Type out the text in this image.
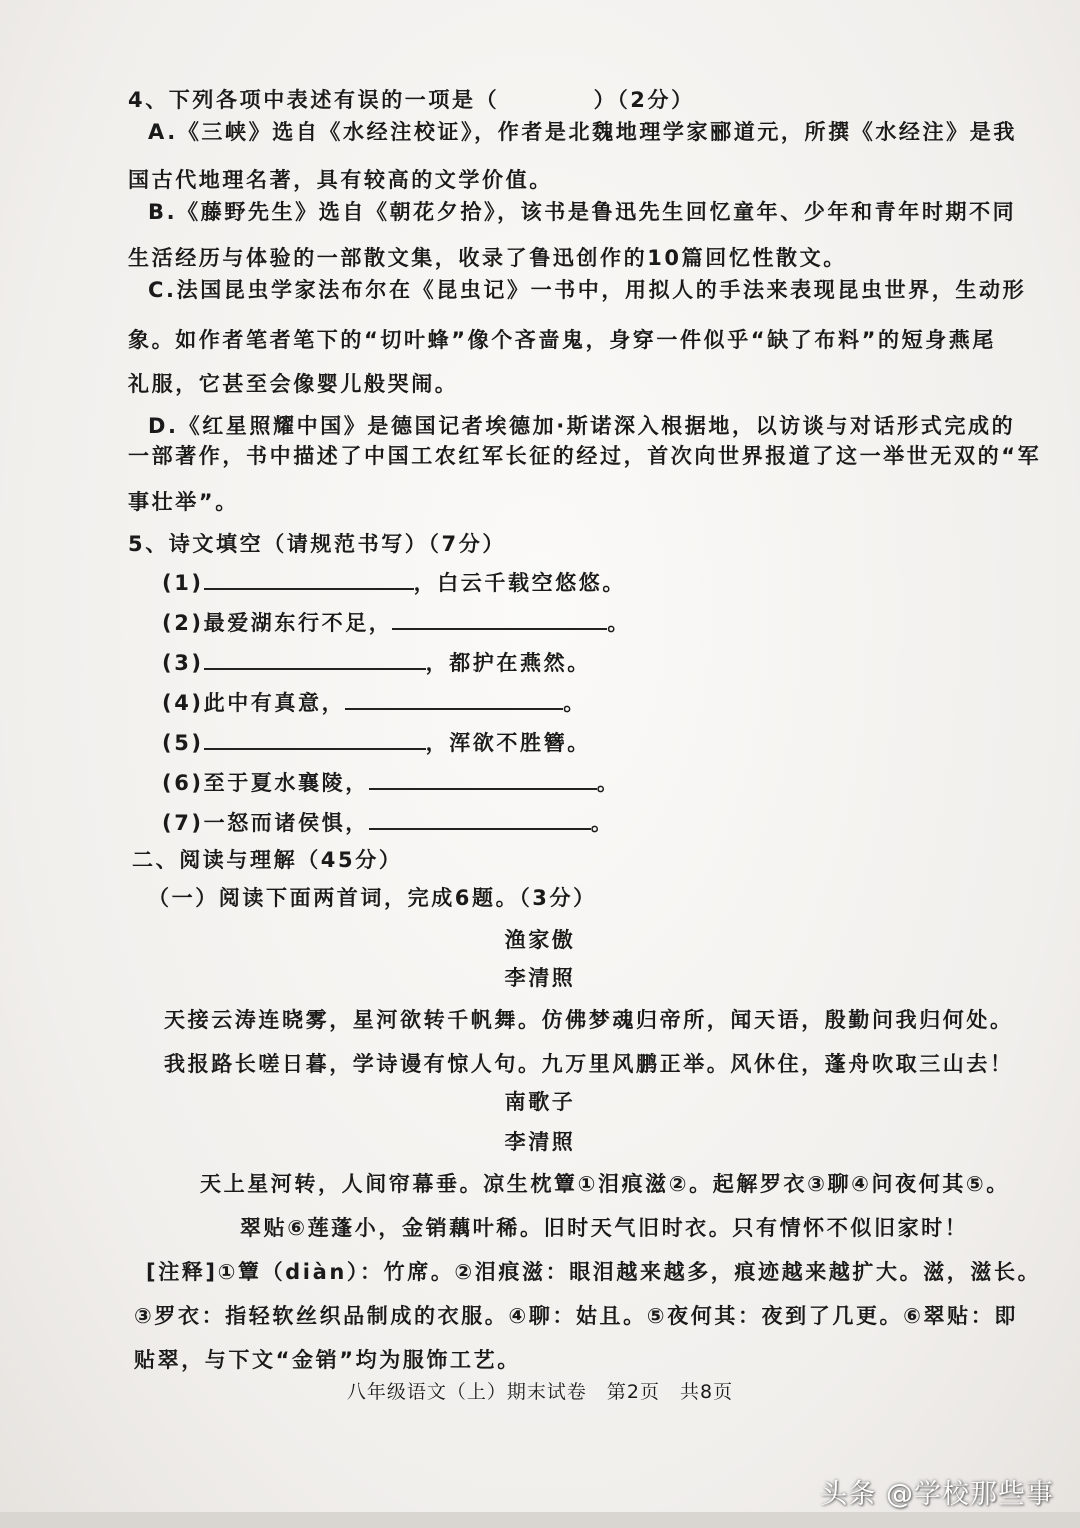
4、下列各项中表述有误的一项是（　　　　）（2分）
A.《三峡》选自《水经注校证》，作者是北魏地理学家郦道元，所撰《水经注》是我
国古代地理名著，具有较高的文学价值。
B.《藤野先生》选自《朝花夕拾》，该书是鲁迅先生回忆童年、少年和青年时期不同
生活经历与体验的一部散文集，收录了鲁迅创作的10篇回忆性散文。
C.法国昆虫学家法布尔在《昆虫记》一书中，用拟人的手法来表现昆虫世界，生动形
象。如作者笔者笔下的“切叶蜂”像个吝啬鬼，身穿一件似乎“缺了布料”的短身燕尾
礼服，它甚至会像婴儿般哭闹。
D.《红星照耀中国》是德国记者埃德加·斯诺深入根据地，以访谈与对话形式完成的
一部著作，书中描述了中国工农红军长征的经过，首次向世界报道了这一举世无双的“军
事壮举”。
5、诗文填空（请规范书写）（7分）
(1)	，白云千载空悠悠。
(2)最爱湖东行不足，	。
(3)	，都护在燕然。
(4)此中有真意，	。
(5)	，浑欲不胜簪。
(6)至于夏水襄陵，	。
(7)一怒而诸侯惧，	。
二、阅读与理解（45分）
（一）阅读下面两首词，完成6题。（3分）
渔家傲
李清照
天接云涛连晓雾，星河欲转千帆舞。仿佛梦魂归帝所，闻天语，殷勤问我归何处。
我报路长嗟日暮，学诗谩有惊人句。九万里风鹏正举。风休住，蓬舟吹取三山去！
南歌子
李清照
天上星河转，人间帘幕垂。凉生枕簟①泪痕滋②。起解罗衣③聊④问夜何其⑤。
翠贴⑥莲蓬小，金销藕叶稀。旧时天气旧时衣。只有情怀不似旧家时！
[注释]①簟（diàn）：竹席。②泪痕滋：眼泪越来越多，痕迹越来越扩大。滋，滋长。
③罗衣：指轻软丝织品制成的衣服。④聊：姑且。⑤夜何其：夜到了几更。⑥翠贴：即
贴翠，与下文“金销”均为服饰工艺。
八年级语文（上）期末试卷　第2页　共8页
头条 @学校那些事
